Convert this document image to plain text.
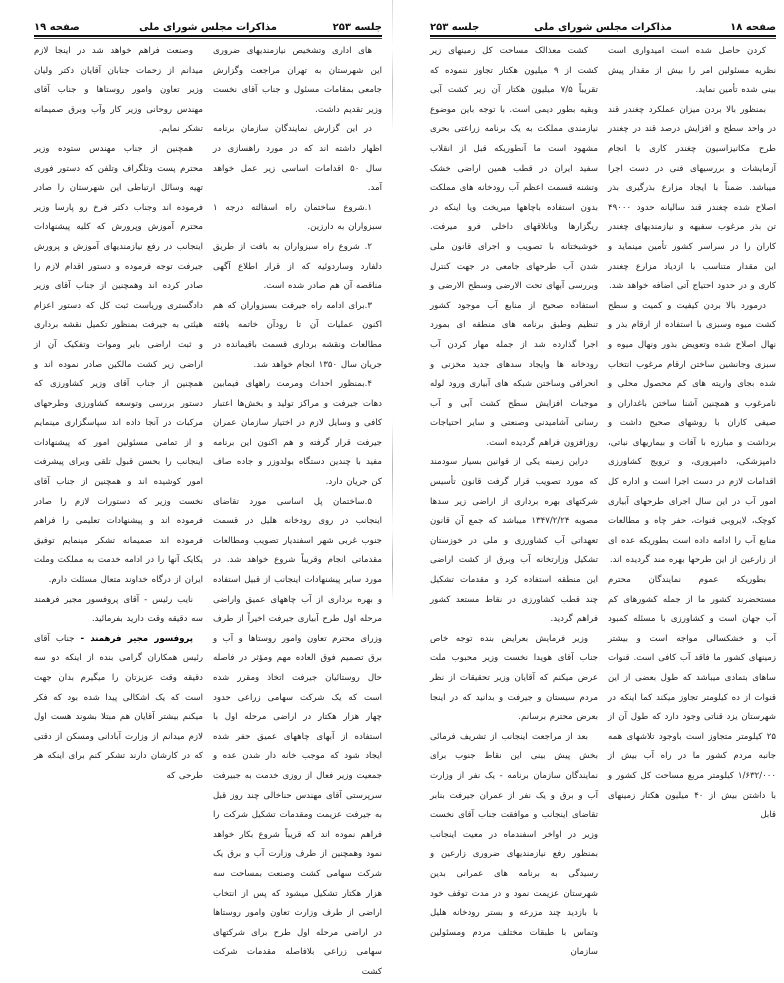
جلسه ۲۵۳
مذاکرات مجلس شورای ملی
صفحه ۱۹

های اداری وتشخیص نیازمندیهای ضروری این شهرستان به تهران مراجعت وگزارش جامعی بمقامات مسئول و جناب آقای نخست وزیر تقدیم داشت.

در این گزارش نمایندگان سازمان برنامه اظهار داشته اند که در مورد راهسازی در سال ۵۰ اقدامات اساسی زیر عمل خواهد آمد.

۱.شروع ساختمان راه اسفالته درجه ۱ سبزواران به دارزین.

۲. شروع راه سبزواران به بافت از طریق دلفارد وساردوئیه که از قرار اطلاع آگهی مناقصه آن هم صادر شده است.

۳.برای ادامه راه جیرفت بسبزواران که هم اکنون عملیات آن تا رودآن خاتمه یافته مطالعات ونقشه برداری قسمت باقیمانده در جریان سال ۱۳۵۰ انجام خواهد شد.

۴.بمنظور احداث ومرمت راههای فیمابین دهات جیرفت و مراکز تولید و بخش‌ها اعتبار کافی و وسایل لازم در اختیار سازمان عمران جیرفت قرار گرفته و هم اکنون این برنامه مفید با چندین دستگاه بولدوزر و جاده صاف کن جریان دارد.

۵.ساختمان پل اساسی مورد تقاضای اینجانب در روی رودخانه هلیل در قسمت جنوب غربی شهر اسفندیار تصویب ومطالعات مقدماتی انجام وقریباً شروع خواهد شد. در مورد سایر پیشنهادات اینجانب از قبیل استفاده و بهره برداری از آب چاههای عمیق واراضی مرحله اول طرح آبیاری جیرفت اخیراً از طرف وزرای محترم تعاون وامور روستاها و آب و برق تصمیم فوق العاده مهم ومؤثر در فاصله حال روستائیان جیرفت اتخاذ ومقرر شده است که یک شرکت سهامی زراعی حدود چهار هزار هکتار در اراضی مرحله اول با استفاده از آبهای چاههای عمیق حفر شده ایجاد شود که موجب خانه دار شدن عده و جمعیت وزیر فعال از روزی خدمت به جبیرفت سرپرستی آقای مهندس حناخالی چند روز قبل به جیرفت عزیمت ومقدمات تشکیل شرکت را فراهم نموده اند که قریباً شروع بکار خواهد نمود وهمچنین از طرف وزارت آب و برق یک شرکت سهامی کشت وصنعت بمساحت سه هزار هکتار تشکیل میشود که پس از انتخاب اراضی از طرف وزارت تعاون وامور روستاها در اراضی مرحله اول طرح برای شرکتهای سهامی زراعی بلافاصله مقدمات شرکت کشت

وصنعت فراهم خواهد شد در اینجا لازم میدانم از زحمات جنابان آقایان دکتر ولیان وزیر تعاون وامور روستاها و جناب آقای مهندس روحانی وزیر کار وآب وبرق صمیمانه تشکر نمایم.

همچنین از جناب مهندس ستوده وزیر محترم پست وتلگراف وتلفن که دستور فوری تهیه وسائل ارتباطی این شهرستان را صادر فرموده اند وجناب دکتر فرخ رو پارسا وزیر محترم آموزش وپرورش که کلیه پیشنهادات اینجانب در رفع نیازمندیهای آموزش و پرورش جیرفت توجه فرموده و دستور اقدام لازم را صادر کرده اند وهمچنین از جناب آقای وزیر دادگستری وریاست ثبت کل که دستور اعزام هیئتی به جیرفت بمنظور تکمیل نقشه برداری و ثبت اراضی بایر وموات وتفکیک آن از اراضی زیر کشت مالکین صادر نموده اند و همچنین از جناب آقای وزیر کشاورزی که دستور بررسی وتوسعه کشاورزی وطرحهای مرکبات در آنجا داده اند سپاسگزاری مینمایم و از تمامی مسئولین امور که پیشنهادات اینجانب را بحسن قبول تلقی وبرای پیشرفت امور کوشیده اند و همچنین از جناب آقای نخست وزیر که دستورات لازم را صادر فرموده اند و پیشنهادات تعلیمی را فراهم فرموده اند صمیمانه تشکر مینمایم توفیق یکایک آنها را در ادامه خدمت به مملکت وملت ایران از درگاه خداوند متعال مسئلت دارم.

نایب رئیس - آقای پروفسور مجیر فرهمند سه دقیقه وقت دارید بفرمائید.

پروفسور مجیر فرهمند - جناب آقای رئیس همکاران گرامی بنده از اینکه دو سه دقیقه وقت عزیزتان را میگیرم بدان جهت است که یک اشکالی پیدا شده بود که فکر میکنم بیشتر آقایان هم مبتلا بشوند هست اول لازم میدانم از وزارت آبادانی ومسکن از دقتی که در کارشان دارند تشکر کنم برای اینکه هر طرحی که

صفحه ۱۸
مذاکرات مجلس شورای ملی
جلسه ۲۵۳

کردن حاصل شده است امیدواری است نظریه مسئولین امر را بیش از مقدار پیش بینی شده تأمین نماید.

بمنظور بالا بردن میزان عملکرد چغندر قند در واحد سطح و افزایش درصد قند در چغندر طرح مکانیزاسیون چغندر کاری با انجام آزمایشات و بررسیهای فنی در دست اجرا میباشد. ضمناً با ایجاد مزارع بذرگیری بذر اصلاح شده چغندر قند سالیانه حدود ۴۹۰۰۰ تن بذر مرغوب سفیهه و نیازمندیهای چغندر کاران را در سراسر کشور تأمین مینماید و این مقدار متناسب با ازدیاد مزارع چغندر کاری و در حدود احتیاج آتی اضافه خواهد شد.

درمورد بالا بردن کیفیت و کمیت و سطح کشت میوه وسبزی با استفاده از ارقام بذر و نهال اصلاح شده وتعویض بذور ونهال میوه و سبزی وجانشین ساختن ارقام مرغوب انتخاب شده بجای واریته های کم محصول محلی و نامرغوب و همچنین آشنا ساختن باغداران و صیفی کاران با روشهای صحیح داشت و برداشت و مبارزه با آفات و بیماریهای نباتی، دامپزشکی، دامپروری، و ترویج کشاورزی اقدامات لازم در دست اجرا است و اداره کل امور آب در این سال اجرای طرحهای آبیاری کوچک، لایروبی قنوات، حفر چاه و مطالعات منابع آب را ادامه داده است بطوریکه عده ای از زارعین از این طرحها بهره مند گردیده اند.

بطوریکه عموم نمایندگان محترم مستحضرند کشور ما از جمله کشورهای کم آب جهان است و کشاورزی با مسئله کمبود آب و خشکسالی مواجه است و بیشتر زمینهای کشور ما فاقد آب کافی است. قنوات ساهای بتمادی میباشد که طول بعضی از این قنوات از ده کیلومتر تجاوز میکند کما اینکه در شهرستان یزد قناتی وجود دارد که طول آن از ۲۵ کیلومتر متجاوز است باوجود تلاشهای همه جانبه مردم کشور ما در راه آب بیش از ۱/۶۳۲/۰۰۰ کیلومتر مربع مساحت کل کشور و با داشتن بیش از ۴۰ میلیون هکتار زمینهای قابل

کشت معذالک مساحت کل زمینهای زیر کشت از ۹ میلیون هکتار تجاوز ننموده که تقریباً ۷/۵ میلیون هکتار آن زیر کشت آبی وبقیه بطور دیمی است. با توجه باین موضوع نیازمندی مملکت به یک برنامه زراعتی بحری مشهود است ما آنطوریکه قبل از انقلاب سفید ایران در قطب همین اراضی خشک وتشنه قسمت اعظم آب رودخانه های مملکت بدون استفاده باچاهها میریخت ویا اینکه در ریگزارها وباتلاقهای داخلی فرو میرفت. خوشبختانه با تصویب و اجرای قانون ملی شدن آب طرحهای جامعی در جهت کنترل وبررسی آبهای تحت الارضی وسطح الارضی و استفاده صحیح از منابع آب موجود کشور تنظیم وطبق برنامه های منطقه ای بمورد اجرا گذارده شد از جمله مهار کردن آب رودخانه ها وایجاد سدهای جدید مخزنی و انحرافی وساختن شبکه های آبیاری ورود لوله موجبات افزایش سطح کشت آبی و آب رسانی آشامیدنی وصنعتی و سایر احتیاجات روزافزون فراهم گردیده است.

دراین زمینه یکی از قوانین بسیار سودمند که مورد تصویب قرار گرفت قانون تأسیس شرکتهای بهره برداری از اراضی زیر سدها مصوبه ۱۳۴۷/۲/۲۴ میباشد که جمع آن قانون تعهداتی آب کشاورزی و ملی در خوزستان تشکیل وزارتخانه آب وبرق از کشت اراضی این منطقه استفاده کرد و مقدمات تشکیل چند قطب کشاورزی در نقاط مستعد کشور فراهم گردید.

وزیر فرمایش بعرایض بنده توجه خاص جناب آقای هویدا نخست وزیر محبوب ملت عرض میکنم که آقایان وزیر تحقیقات از نظر مردم سیستان و جیرفت و بدانید که در اینجا بعرض محترم برسانم.

بعد از مراجعت اینجانب از تشریف فرمائی بخش پیش بینی این نقاط جنوب برای نمایندگان سازمان برنامه - یک نفر از وزارت آب و برق و یک نفر از عمران جیرفت بنابر تقاضای اینجانب و موافقت جناب آقای نخست وزیر در اواخر اسفندماه در معیت اینجانب بمنظور رفع نیازمندیهای ضروری زارعین و رسیدگی به برنامه های عمرانی بدین شهرستان عزیمت نمود و در مدت توقف خود با بازدید چند مزرعه و بستر رودخانه هلیل وتماس با طبقات مختلف مردم ومسئولین سازمان
